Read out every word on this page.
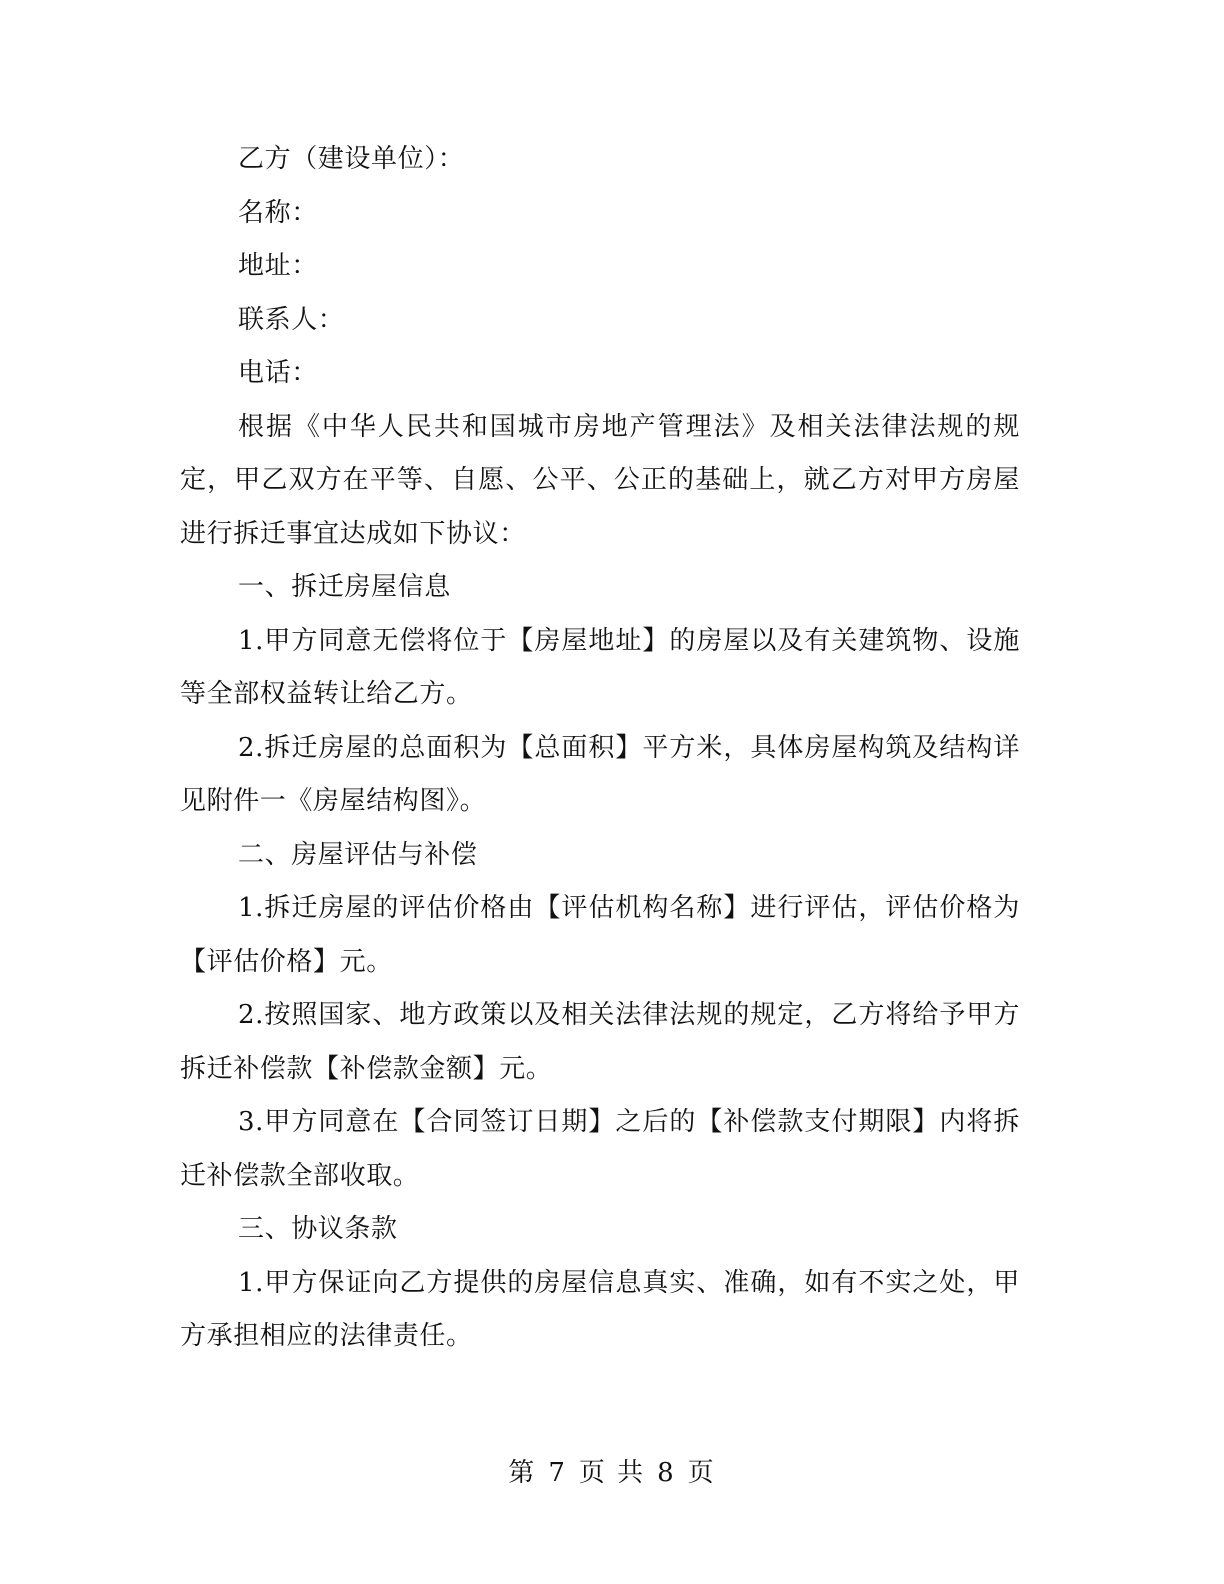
乙方（建设单位）：

名称：

地址：

联系人：

电话：

根据《中华人民共和国城市房地产管理法》及相关法律法规的规定，甲乙双方在平等、自愿、公平、公正的基础上，就乙方对甲方房屋进行拆迁事宜达成如下协议：

一、拆迁房屋信息

1.甲方同意无偿将位于【房屋地址】的房屋以及有关建筑物、设施等全部权益转让给乙方。

2.拆迁房屋的总面积为【总面积】平方米，具体房屋构筑及结构详见附件一《房屋结构图》。

二、房屋评估与补偿

1.拆迁房屋的评估价格由【评估机构名称】进行评估，评估价格为【评估价格】元。

2.按照国家、地方政策以及相关法律法规的规定，乙方将给予甲方拆迁补偿款【补偿款金额】元。

3.甲方同意在【合同签订日期】之后的【补偿款支付期限】内将拆迁补偿款全部收取。

三、协议条款

1.甲方保证向乙方提供的房屋信息真实、准确，如有不实之处，甲方承担相应的法律责任。

第 7 页 共 8 页
